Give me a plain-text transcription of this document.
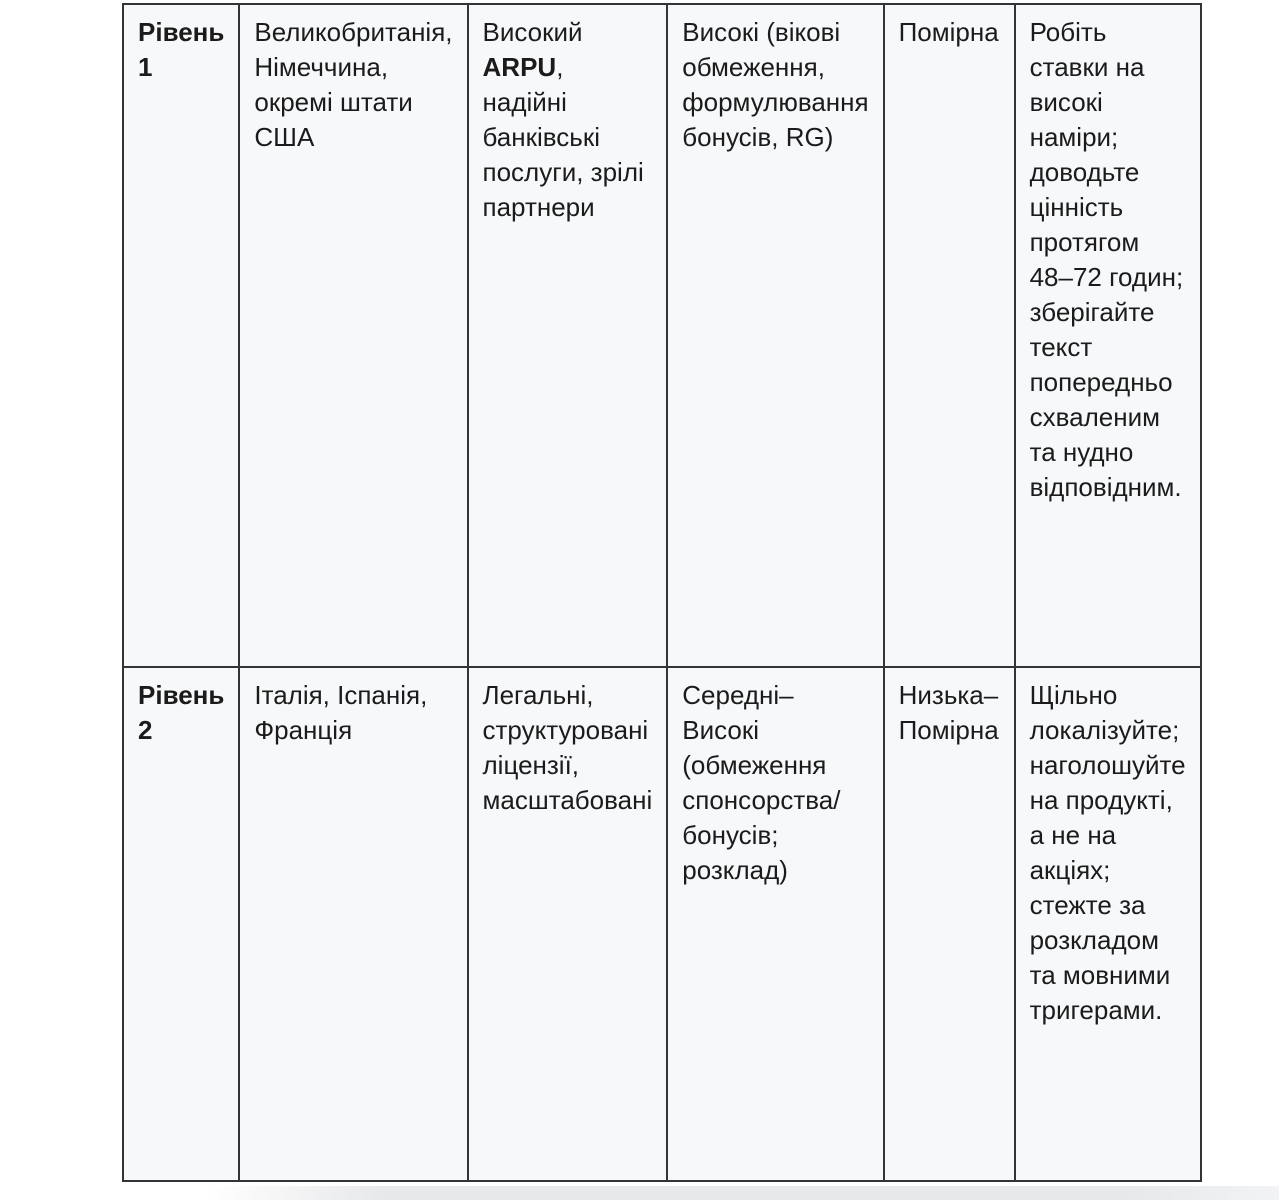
Рівень 1	Великобританія, Німеччина, окремі штати США	Високий ARPU, надійні банківські послуги, зрілі партнери	Високі (вікові обмеження, формулювання бонусів, RG)	Помірна	Робіть ставки на високі наміри; доводьте цінність протягом 48–72 годин; зберігайте текст попередньо схваленим та нудно відповідним.
Рівень 2	Італія, Іспанія, Франція	Легальні, структуровані ліцензії, масштабовані	Середні–Високі (обмеження спонсорства/бонусів; розклад)	Низька–Помірна	Щільно локалізуйте; наголошуйте на продукті, а не на акціях; стежте за розкладом та мовними тригерами.
